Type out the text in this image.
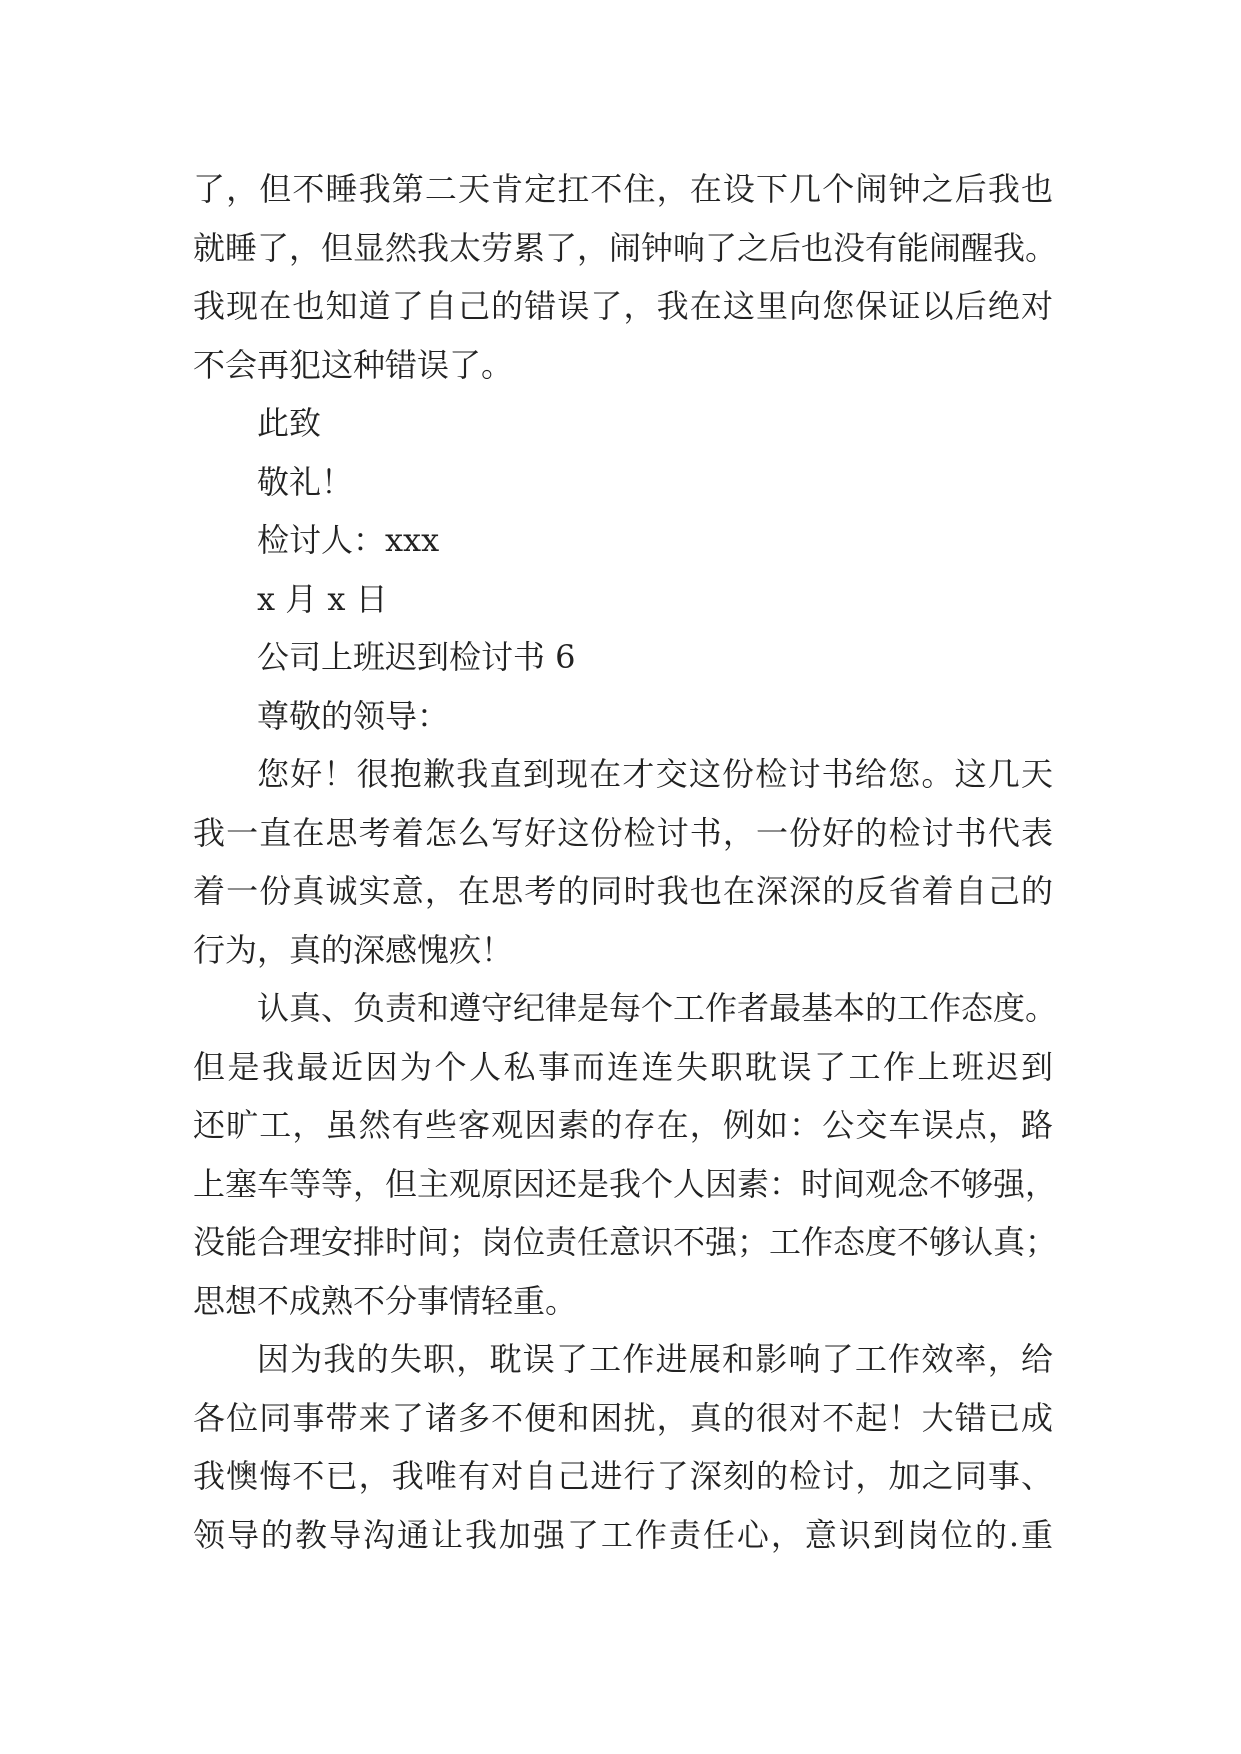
了，但不睡我第二天肯定扛不住，在设下几个闹钟之后我也
就睡了，但显然我太劳累了，闹钟响了之后也没有能闹醒我。
我现在也知道了自己的错误了，我在这里向您保证以后绝对
不会再犯这种错误了。
此致
敬礼！
检讨人：xxx
x 月 x 日
公司上班迟到检讨书 6
尊敬的领导：
您好！很抱歉我直到现在才交这份检讨书给您。这几天
我一直在思考着怎么写好这份检讨书，一份好的检讨书代表
着一份真诚实意，在思考的同时我也在深深的反省着自己的
行为，真的深感愧疚！
认真、负责和遵守纪律是每个工作者最基本的工作态度。
但是我最近因为个人私事而连连失职耽误了工作上班迟到
还旷工，虽然有些客观因素的存在，例如：公交车误点，路
上塞车等等，但主观原因还是我个人因素：时间观念不够强，
没能合理安排时间；岗位责任意识不强；工作态度不够认真；
思想不成熟不分事情轻重。
因为我的失职，耽误了工作进展和影响了工作效率，给
各位同事带来了诸多不便和困扰，真的很对不起！大错已成
我懊悔不已，我唯有对自己进行了深刻的检讨，加之同事、
领导的教导沟通让我加强了工作责任心，意识到岗位的.重
